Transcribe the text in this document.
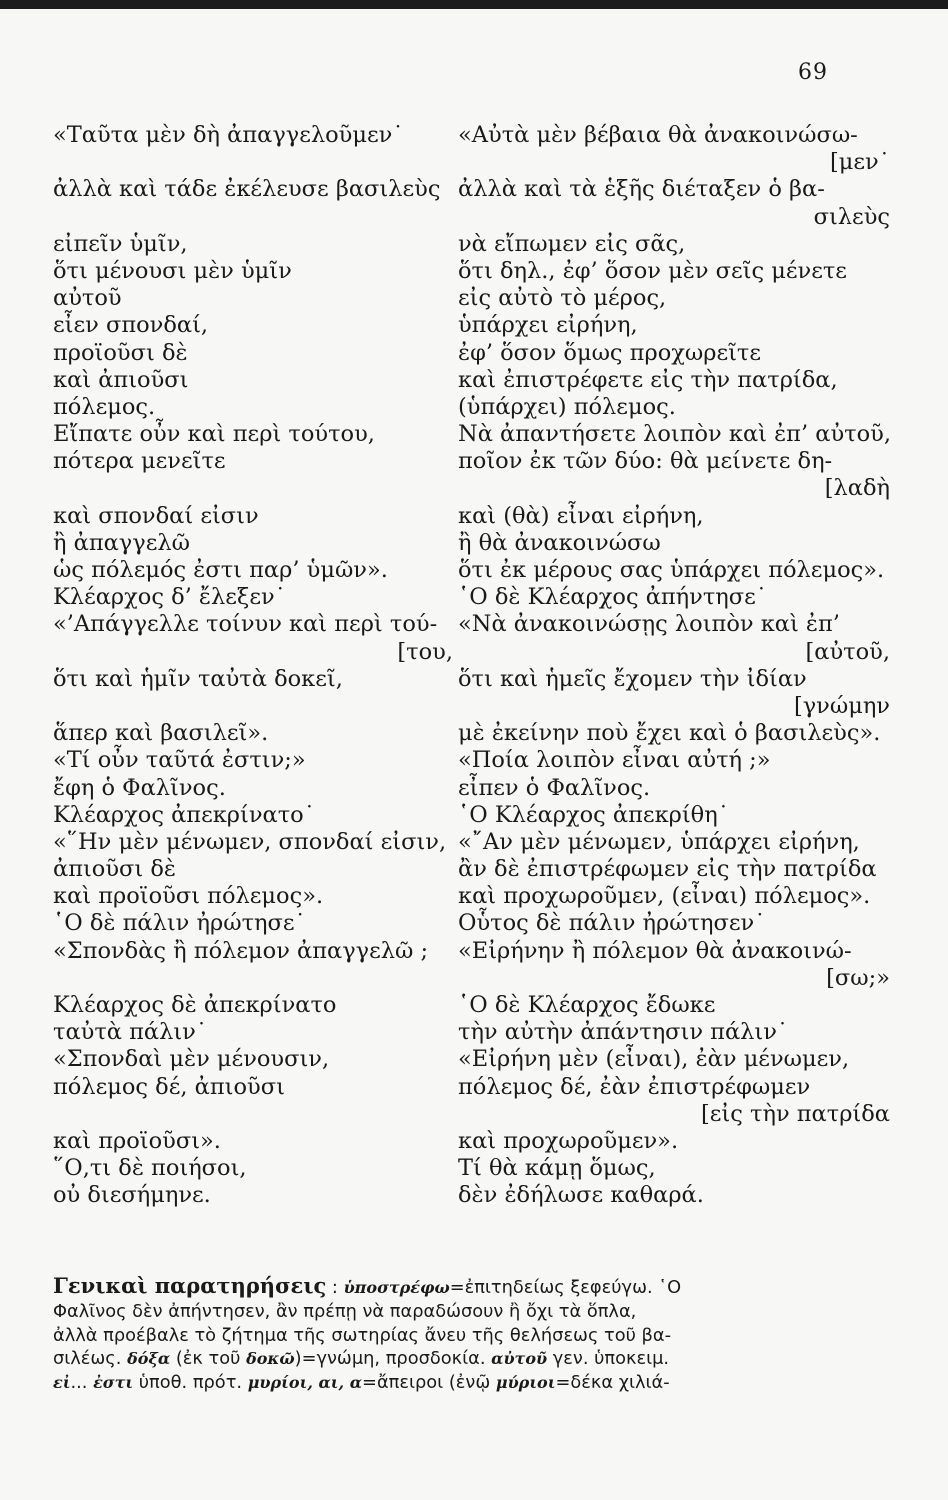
69
«Ταῦτα μὲν δὴ ἀπαγγελοῦμεν˙
ἀλλὰ καὶ τάδε ἐκέλευσε βασιλεὺς
εἰπεῖν ὑμῖν,
ὅτι μένουσι μὲν ὑμῖν
αὐτοῦ
εἶεν σπονδαί,
προϊοῦσι δὲ
καὶ ἀπιοῦσι
πόλεμος.
Εἴπατε οὖν καὶ περὶ τούτου,
πότερα μενεῖτε
καὶ σπονδαί εἰσιν
ἢ ἀπαγγελῶ
ὡς πόλεμός ἐστι παρ’ ὑμῶν».
Κλέαρχος δ’ ἔλεξεν˙
«’Απάγγελλε τοίνυν καὶ περὶ τού-
[του,
ὅτι καὶ ἡμῖν ταὐτὰ δοκεῖ,
ἅπερ καὶ βασιλεῖ».
«Τί οὖν ταῦτά ἐστιν;»
ἔφη ὁ Φαλῖνος.
Κλέαρχος ἀπεκρίνατο˙
«῞Ην μὲν μένωμεν, σπονδαί εἰσιν,
ἀπιοῦσι δὲ
καὶ προϊοῦσι πόλεμος».
῾Ο δὲ πάλιν ἠρώτησε˙
«Σπονδὰς ἢ πόλεμον ἀπαγγελῶ ;
Κλέαρχος δὲ ἀπεκρίνατο
ταὐτὰ πάλιν˙
«Σπονδαὶ μὲν μένουσιν,
πόλεμος δέ, ἀπιοῦσι
καὶ προϊοῦσι».
῞Ο,τι δὲ ποιήσοι,
οὐ διεσήμηνε.
«Αὐτὰ μὲν βέβαια θὰ ἀνακοινώσω-
[μεν˙
ἀλλὰ καὶ τὰ ἑξῆς διέταξεν ὁ βα-
σιλεὺς
νὰ εἴπωμεν εἰς σᾶς,
ὅτι δηλ., ἐφ’ ὅσον μὲν σεῖς μένετε
εἰς αὐτὸ τὸ μέρος,
ὑπάρχει εἰρήνη,
ἐφ’ ὅσον ὅμως προχωρεῖτε
καὶ ἐπιστρέφετε εἰς τὴν πατρίδα,
(ὑπάρχει) πόλεμος.
Νὰ ἀπαντήσετε λοιπὸν καὶ ἐπ’ αὐτοῦ,
ποῖον ἐκ τῶν δύο: θὰ μείνετε δη-
[λαδὴ
καὶ (θὰ) εἶναι εἰρήνη,
ἢ θὰ ἀνακοινώσω
ὅτι ἐκ μέρους σας ὑπάρχει πόλεμος».
῾Ο δὲ Κλέαρχος ἀπήντησε˙
«Νὰ ἀνακοινώσῃς λοιπὸν καὶ ἐπ’
[αὐτοῦ,
ὅτι καὶ ἡμεῖς ἔχομεν τὴν ἰδίαν
[γνώμην
μὲ ἐκείνην ποὺ ἔχει καὶ ὁ βασιλεὺς».
«Ποία λοιπὸν εἶναι αὐτή ;»
εἶπεν ὁ Φαλῖνος.
῾Ο Κλέαρχος ἀπεκρίθη˙
«῎Αν μὲν μένωμεν, ὑπάρχει εἰρήνη,
ἂν δὲ ἐπιστρέφωμεν εἰς τὴν πατρίδα
καὶ προχωροῦμεν, (εἶναι) πόλεμος».
Οὗτος δὲ πάλιν ἠρώτησεν˙
«Εἰρήνην ἢ πόλεμον θὰ ἀνακοινώ-
[σω;»
῾Ο δὲ Κλέαρχος ἔδωκε
τὴν αὐτὴν ἀπάντησιν πάλιν˙
«Εἰρήνη μὲν (εἶναι), ἐὰν μένωμεν,
πόλεμος δέ, ἐὰν ἐπιστρέφωμεν
[εἰς τὴν πατρίδα
καὶ προχωροῦμεν».
Τί θὰ κάμῃ ὅμως,
δὲν ἐδήλωσε καθαρά.
Γενικαὶ παρατηρήσεις : ὑποστρέφω=ἐπιτηδείως ξεφεύγω. ῾Ο
Φαλῖνος δὲν ἀπήντησεν, ἂν πρέπῃ νὰ παραδώσουν ἢ ὄχι τὰ ὅπλα,
ἀλλὰ προέβαλε τὸ ζήτημα τῆς σωτηρίας ἄνευ τῆς θελήσεως τοῦ βα-
σιλέως. δόξα (ἐκ τοῦ δοκῶ)=γνώμη, προσδοκία. αὐτοῦ γεν. ὑποκειμ.
εἰ... ἐστι ὑποθ. πρότ. μυρίοι, αι, α=ἄπειροι (ἐνῷ μύριοι=δέκα χιλιά-
